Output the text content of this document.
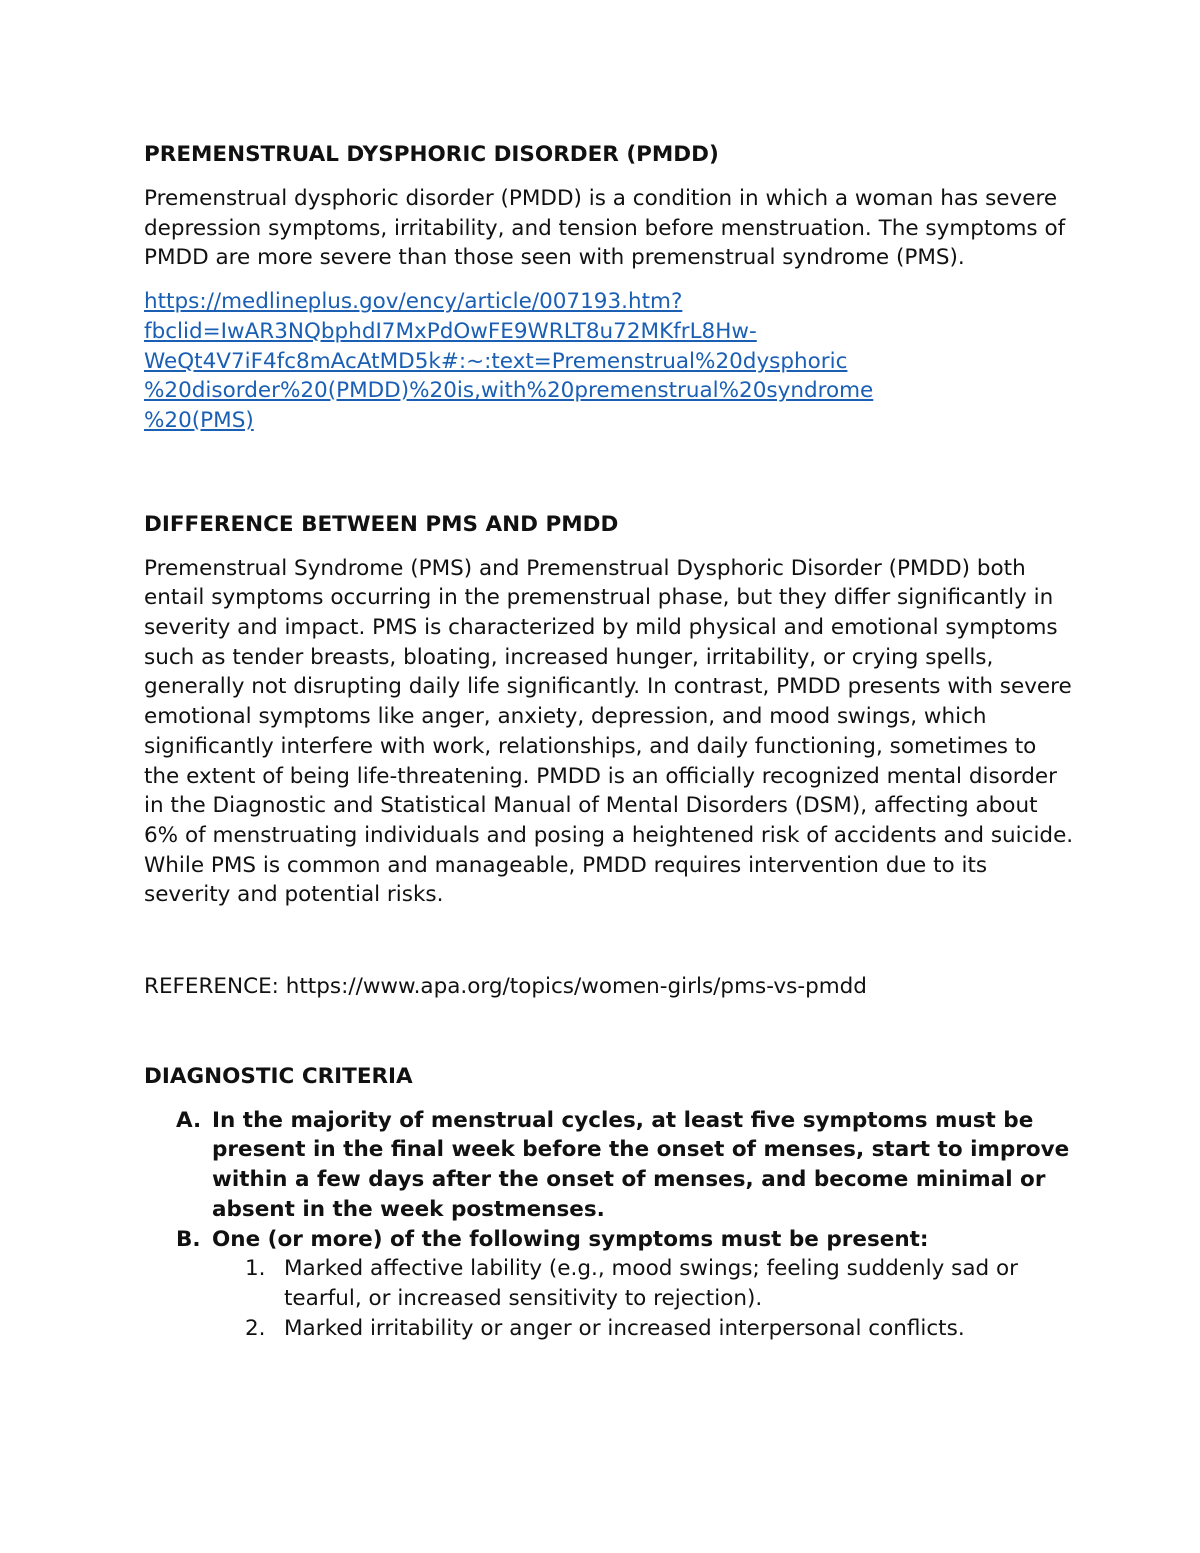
PREMENSTRUAL DYSPHORIC DISORDER (PMDD)

Premenstrual dysphoric disorder (PMDD) is a condition in which a woman has severe depression symptoms, irritability, and tension before menstruation. The symptoms of PMDD are more severe than those seen with premenstrual syndrome (PMS).

https://medlineplus.gov/ency/article/007193.htm?
fbclid=IwAR3NQbphdI7MxPdOwFE9WRLT8u72MKfrL8Hw-
WeQt4V7iF4fc8mAcAtMD5k#:~:text=Premenstrual%20dysphoric
%20disorder%20(PMDD)%20is,with%20premenstrual%20syndrome
%20(PMS)

DIFFERENCE BETWEEN PMS AND PMDD

Premenstrual Syndrome (PMS) and Premenstrual Dysphoric Disorder (PMDD) both entail symptoms occurring in the premenstrual phase, but they differ significantly in severity and impact. PMS is characterized by mild physical and emotional symptoms such as tender breasts, bloating, increased hunger, irritability, or crying spells, generally not disrupting daily life significantly. In contrast, PMDD presents with severe emotional symptoms like anger, anxiety, depression, and mood swings, which significantly interfere with work, relationships, and daily functioning, sometimes to the extent of being life-threatening. PMDD is an officially recognized mental disorder in the Diagnostic and Statistical Manual of Mental Disorders (DSM), affecting about 6% of menstruating individuals and posing a heightened risk of accidents and suicide. While PMS is common and manageable, PMDD requires intervention due to its severity and potential risks.

REFERENCE: https://www.apa.org/topics/women-girls/pms-vs-pmdd

DIAGNOSTIC CRITERIA

A. In the majority of menstrual cycles, at least five symptoms must be present in the final week before the onset of menses, start to improve within a few days after the onset of menses, and become minimal or absent in the week postmenses.
B. One (or more) of the following symptoms must be present:
1. Marked affective lability (e.g., mood swings; feeling suddenly sad or tearful, or increased sensitivity to rejection).
2. Marked irritability or anger or increased interpersonal conflicts.
